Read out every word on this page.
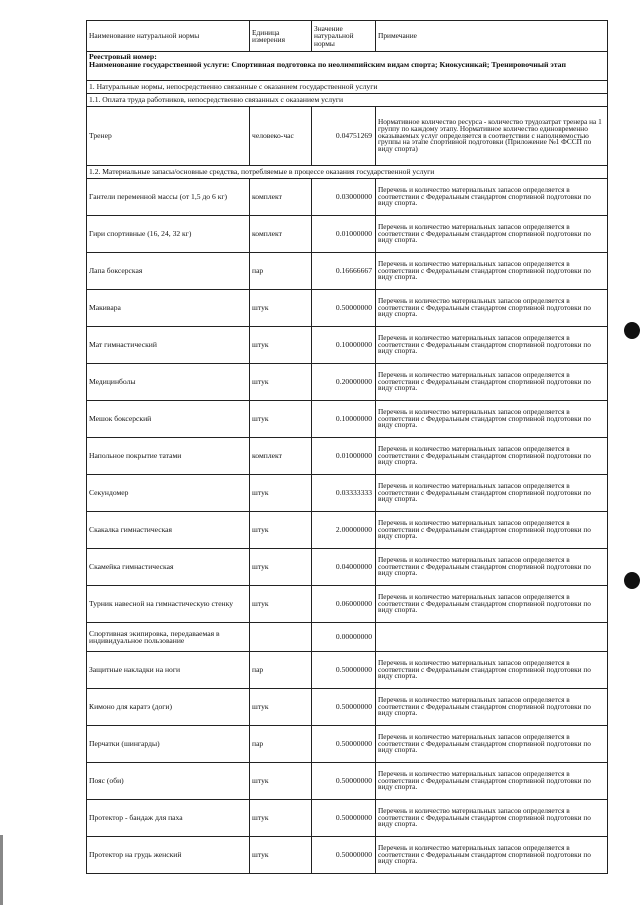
Наименование натуральной нормы	Единица измерения	Значение натуральной нормы	Примечание

Реестровый номер:
Наименование государственной услуги: Спортивная подготовка по неолимпийским видам спорта; Киокусинкай; Тренировочный этап			

1. Натуральные нормы, непосредственно связанные с оказанием государственной услуги			
1.1. Оплата труда работников, непосредственно связанных с оказанием услуги			
Тренер	человеко-час	0.04751269	Нормативное количество ресурса - количество трудозатрат тренера на 1 группу по каждому этапу. Нормативное количество единовременно оказываемых услуг определяется в соответствии с наполняемостью группы на этапе спортивной подготовки (Приложение №1 ФССП по виду спорта)
1.2. Материальные запасы/основные средства, потребляемые в процессе оказания государственной услуги			
Гантели переменной массы (от 1,5 до 6 кг)	комплект	0.03000000	Перечень и количество материальных запасов определяется в соответствии с Федеральным стандартом спортивной подготовки по виду спорта.
Гири спортивные (16, 24, 32 кг)	комплект	0.01000000	Перечень и количество материальных запасов определяется в соответствии с Федеральным стандартом спортивной подготовки по виду спорта.
Лапа боксерская	пар	0.16666667	Перечень и количество материальных запасов определяется в соответствии с Федеральным стандартом спортивной подготовки по виду спорта.
Макивара	штук	0.50000000	Перечень и количество материальных запасов определяется в соответствии с Федеральным стандартом спортивной подготовки по виду спорта.
Мат гимнастический	штук	0.10000000	Перечень и количество материальных запасов определяется в соответствии с Федеральным стандартом спортивной подготовки по виду спорта.
Медицинболы	штук	0.20000000	Перечень и количество материальных запасов определяется в соответствии с Федеральным стандартом спортивной подготовки по виду спорта.
Мешок боксерский	штук	0.10000000	Перечень и количество материальных запасов определяется в соответствии с Федеральным стандартом спортивной подготовки по виду спорта.
Напольное покрытие татами	комплект	0.01000000	Перечень и количество материальных запасов определяется в соответствии с Федеральным стандартом спортивной подготовки по виду спорта.
Секундомер	штук	0.03333333	Перечень и количество материальных запасов определяется в соответствии с Федеральным стандартом спортивной подготовки по виду спорта.
Скакалка гимнастическая	штук	2.00000000	Перечень и количество материальных запасов определяется в соответствии с Федеральным стандартом спортивной подготовки по виду спорта.
Скамейка гимнастическая	штук	0.04000000	Перечень и количество материальных запасов определяется в соответствии с Федеральным стандартом спортивной подготовки по виду спорта.
Турник навесной на гимнастическую стенку	штук	0.06000000	Перечень и количество материальных запасов определяется в соответствии с Федеральным стандартом спортивной подготовки по виду спорта.
Спортивная экипировка, передаваемая в индивидуальное пользование		0.00000000	
Защитные накладки на ноги	пар	0.50000000	Перечень и количество материальных запасов определяется в соответствии с Федеральным стандартом спортивной подготовки по виду спорта.
Кимоно для каратэ (доги)	штук	0.50000000	Перечень и количество материальных запасов определяется в соответствии с Федеральным стандартом спортивной подготовки по виду спорта.
Перчатки (шингарды)	пар	0.50000000	Перечень и количество материальных запасов определяется в соответствии с Федеральным стандартом спортивной подготовки по виду спорта.
Пояс (оби)	штук	0.50000000	Перечень и количество материальных запасов определяется в соответствии с Федеральным стандартом спортивной подготовки по виду спорта.
Протектор - бандаж для паха	штук	0.50000000	Перечень и количество материальных запасов определяется в соответствии с Федеральным стандартом спортивной подготовки по виду спорта.
Протектор на грудь женский	штук	0.50000000	Перечень и количество материальных запасов определяется в соответствии с Федеральным стандартом спортивной подготовки по виду спорта.
